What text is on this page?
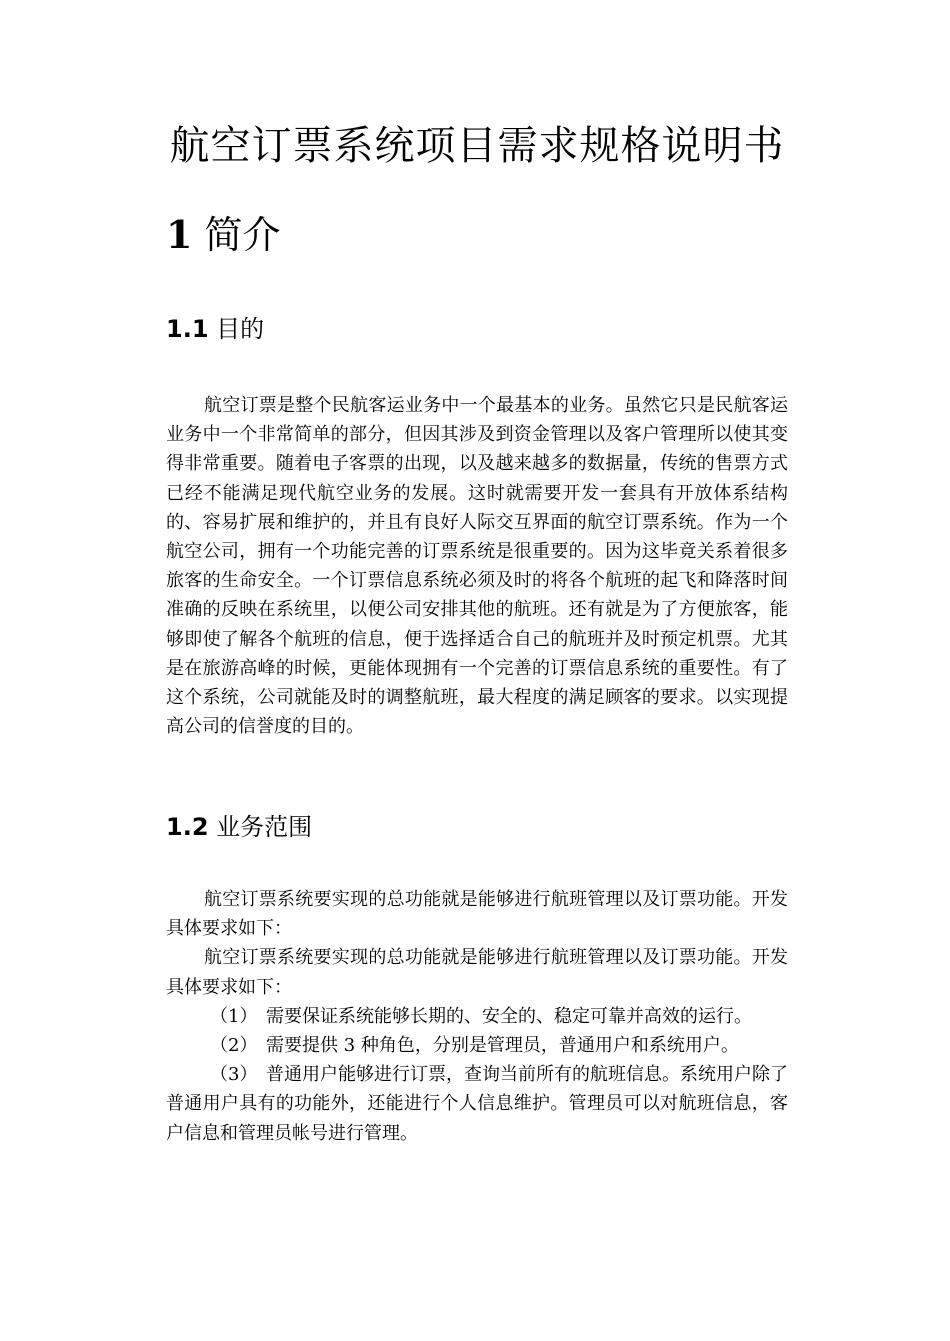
航空订票系统项目需求规格说明书
1 简介
1.1 目的

航空订票是整个民航客运业务中一个最基本的业务。虽然它只是民航客运业务中一个非常简单的部分，但因其涉及到资金管理以及客户管理所以使其变得非常重要。随着电子客票的出现，以及越来越多的数据量，传统的售票方式已经不能满足现代航空业务的发展。这时就需要开发一套具有开放体系结构的、容易扩展和维护的，并且有良好人际交互界面的航空订票系统。作为一个航空公司，拥有一个功能完善的订票系统是很重要的。因为这毕竟关系着很多旅客的生命安全。一个订票信息系统必须及时的将各个航班的起飞和降落时间准确的反映在系统里，以便公司安排其他的航班。还有就是为了方便旅客，能够即使了解各个航班的信息，便于选择适合自己的航班并及时预定机票。尤其是在旅游高峰的时候，更能体现拥有一个完善的订票信息系统的重要性。有了这个系统，公司就能及时的调整航班，最大程度的满足顾客的要求。以实现提高公司的信誉度的目的。

1.2 业务范围

航空订票系统要实现的总功能就是能够进行航班管理以及订票功能。开发具体要求如下：

航空订票系统要实现的总功能就是能够进行航班管理以及订票功能。开发具体要求如下：

（1） 需要保证系统能够长期的、安全的、稳定可靠并高效的运行。

（2） 需要提供 3 种角色，分别是管理员，普通用户和系统用户。

（3） 普通用户能够进行订票，查询当前所有的航班信息。系统用户除了普通用户具有的功能外，还能进行个人信息维护。管理员可以对航班信息，客户信息和管理员帐号进行管理。
